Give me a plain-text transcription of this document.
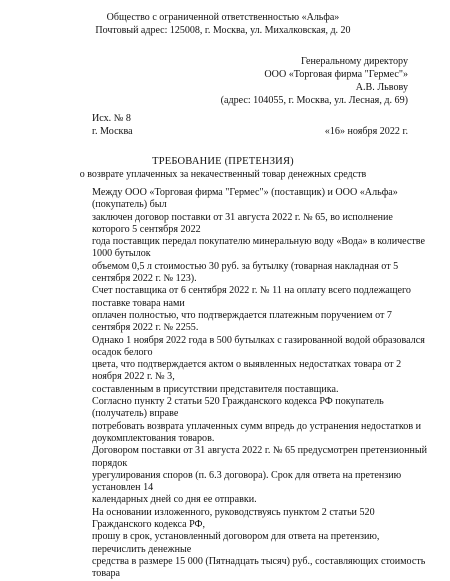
Общество с ограниченной ответственностью «Альфа»
Почтовый адрес: 125008, г. Москва, ул. Михалковская, д. 20
Генеральному директору
ООО «Торговая фирма "Гермес"»
А.В. Львову
(адрес: 104055, г. Москва, ул. Лесная, д. 69)
Исх. № 8
г. Москва	«16» ноября 2022 г.
ТРЕБОВАНИЕ (ПРЕТЕНЗИЯ)
о возврате уплаченных за некачественный товар денежных средств

Между ООО «Торговая фирма "Гермес"» (поставщик) и ООО «Альфа» (покупатель) был

заключен договор поставки от 31 августа 2022 г. № 65, во исполнение которого 5 сентября 2022

года поставщик передал покупателю минеральную воду «Вода» в количестве 1000 бутылок

объемом 0,5 л стоимостью 30 руб. за бутылку (товарная накладная от 5 сентября 2022 г. № 123).

Счет поставщика от 6 сентября 2022 г. № 11 на оплату всего подлежащего поставке товара нами

оплачен полностью, что подтверждается платежным поручением от 7 сентября 2022 г. № 2255.

Однако 1 ноября 2022 года в 500 бутылках с газированной водой образовался осадок белого

цвета, что подтверждается актом о выявленных недостатках товара от 2 ноября 2022 г. № 3,

составленным в присутствии представителя поставщика.

Согласно пункту 2 статьи 520 Гражданского кодекса РФ покупатель (получатель) вправе

потребовать возврата уплаченных сумм впредь до устранения недостатков и

доукомплектования товаров.

Договором поставки от 31 августа 2022 г. № 65 предусмотрен претензионный порядок

урегулирования споров (п. 6.3 договора). Срок для ответа на претензию установлен 14

календарных дней со дня ее отправки.

На основании изложенного, руководствуясь пунктом 2 статьи 520 Гражданского кодекса РФ,

прошу в срок, установленный договором для ответа на претензию, перечислить денежные

средства в размере 15 000 (Пятнадцать тысяч) руб., составляющих стоимость товара
